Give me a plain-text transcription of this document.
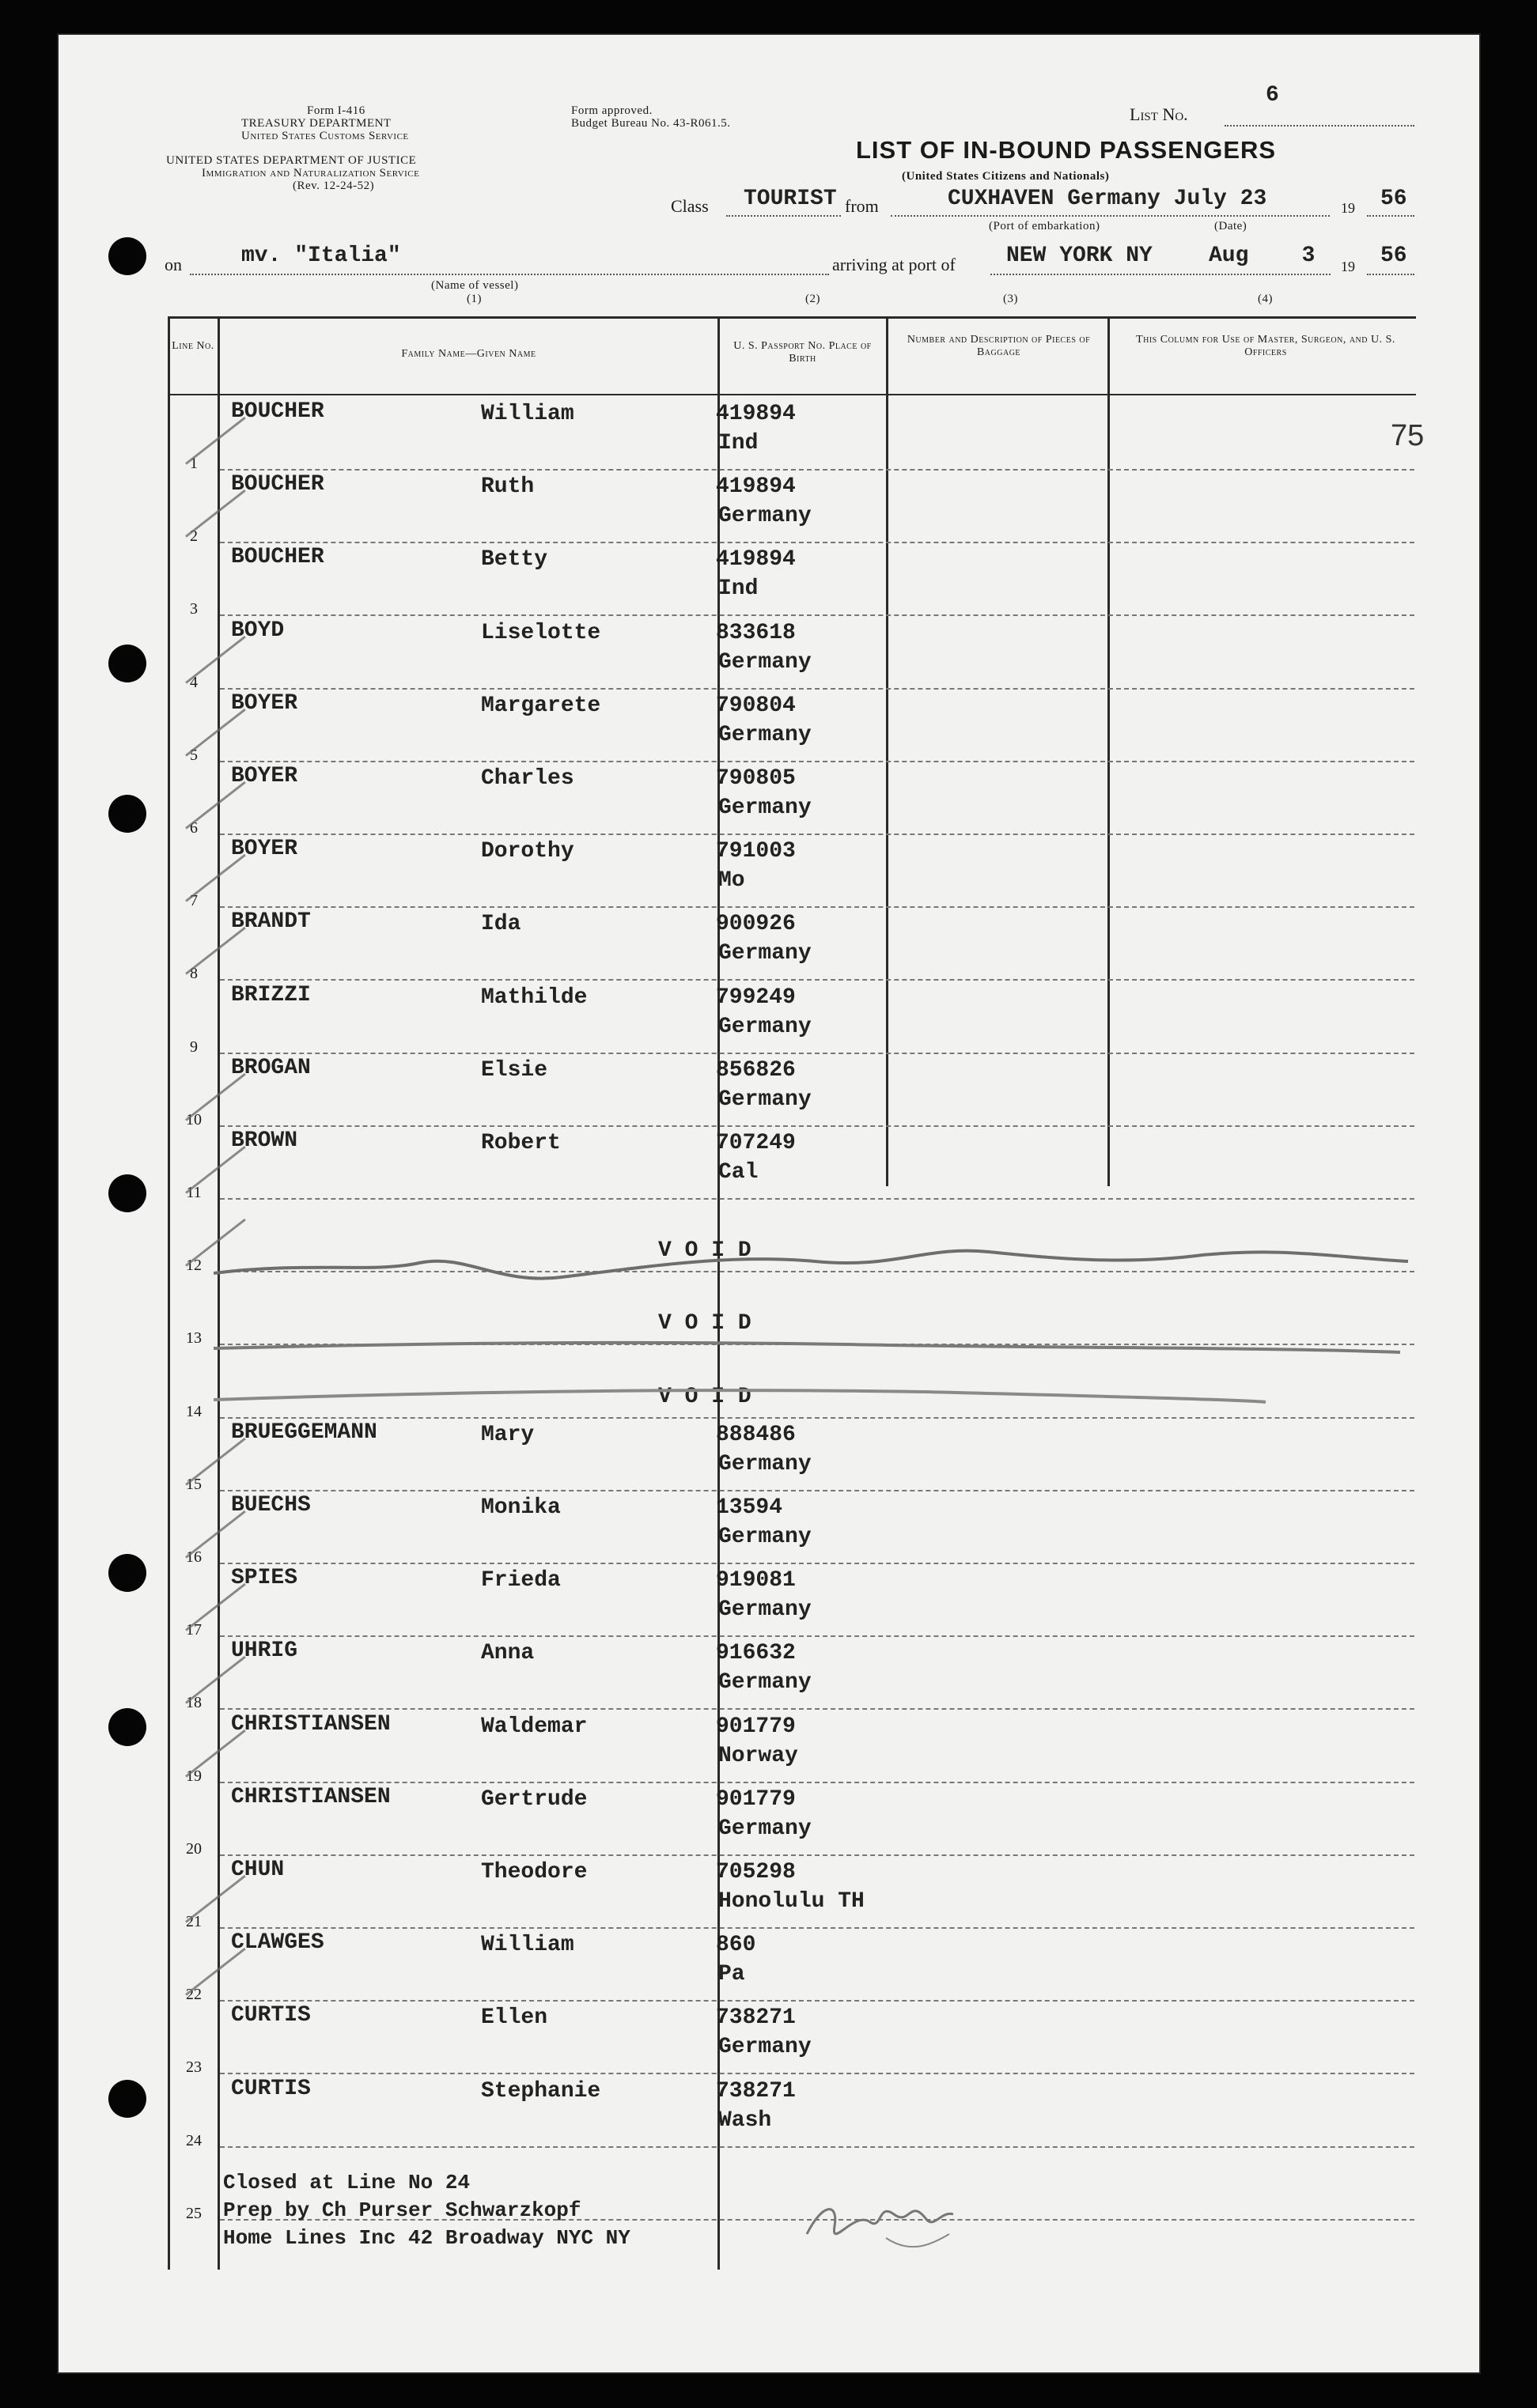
Form I-416
TREASURY DEPARTMENT
United States Customs Service
UNITED STATES DEPARTMENT OF JUSTICE
Immigration and Naturalization Service
(Rev. 12-24-52)
Form approved.
Budget Bureau No. 43-R061.5.	List No.
6
LIST OF IN-BOUND PASSENGERS
(United States Citizens and Nationals)
Class TOURIST from	CUXHAVEN Germany July 23	19 56
(Port of embarkation)	(Date)
on	mv. "Italia"	arriving at port of NEW YORK NY	Aug    3 19 56
(Name of vessel)
(1)	(2)	(3)	(4)
Line No.
Family Name—Given Name
U. S. Passport No. Place of Birth
Number and Description of Pieces of Baggage
This Column for Use of Master, Surgeon, and U. S. Officers
75
1
BOUCHER	William	419894
Ind
2
BOUCHER	Ruth	419894
Germany
3
BOUCHER	Betty	419894
Ind
4
BOYD	Liselotte	833618
Germany
5
BOYER	Margarete	790804
Germany
6
BOYER	Charles	790805
Germany
7
BOYER	Dorothy	791003
Mo
8
BRANDT	Ida	900926
Germany
9
BRIZZI	Mathilde	799249
Germany
10
BROGAN	Elsie	856826
Germany
11
BROWN	Robert	707249
Cal
12
V O I D
13
V O I D
14
V O I D
15
BRUEGGEMANN	Mary	888486
Germany
16
BUECHS	Monika	13594
Germany
17
SPIES	Frieda	919081
Germany
18
UHRIG	Anna	916632
Germany
19
CHRISTIANSEN	Waldemar	901779
Norway
20
CHRISTIANSEN	Gertrude	901779
Germany
21
CHUN	Theodore	705298
Honolulu TH
22
CLAWGES	William	860
Pa
23
CURTIS	Ellen	738271
Germany
24
CURTIS	Stephanie	738271
Wash
25
Closed at Line No 24
Prep by Ch Purser Schwarzkopf
Home Lines Inc 42 Broadway NYC NY
